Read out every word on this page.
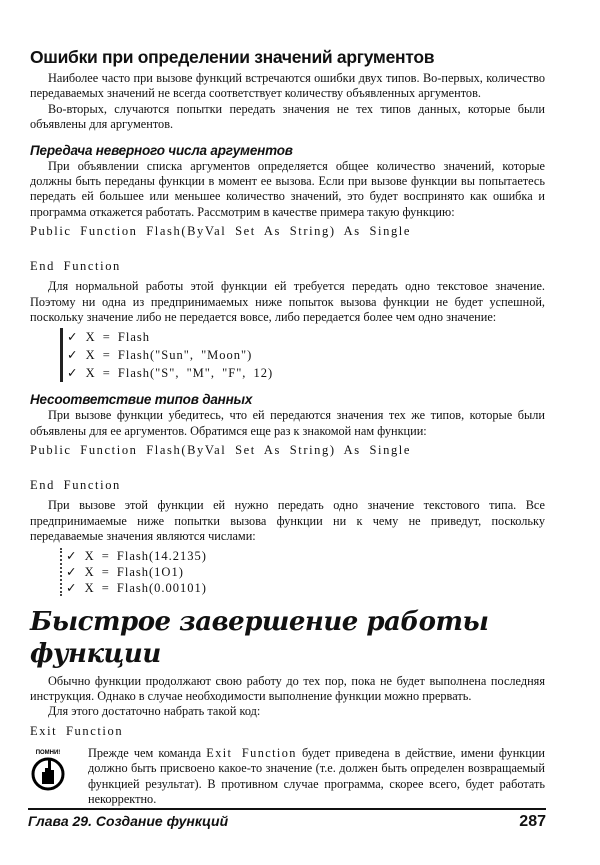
Ошибки при определении значений аргументов
Наиболее часто при вызове функций встречаются ошибки двух типов. Во-первых, количество передаваемых значений не всегда соответствует количеству объявленных аргументов.
Во-вторых, случаются попытки передать значения не тех типов данных, которые были объявлены для аргументов.
Передача неверного числа аргументов
При объявлении списка аргументов определяется общее количество значений, которые должны быть переданы функции в момент ее вызова. Если при вызове функции вы попытаетесь передать ей большее или меньшее количество значений, это будет воспринято как ошибка и программа откажется работать. Рассмотрим в качестве примера такую функцию:
Public Function Flash(ByVal Set As String) As Single
End Function
Для нормальной работы этой функции ей требуется передать одно текстовое значение. Поэтому ни одна из предпринимаемых ниже попыток вызова функции не будет успешной, поскольку значение либо не передается вовсе, либо передается более чем одно значение:
✓ X = Flash
✓ X = Flash("Sun", "Moon")
✓ X = Flash("S", "M", "F", 12)
Несоответствие типов данных
При вызове функции убедитесь, что ей передаются значения тех же типов, которые были объявлены для ее аргументов. Обратимся еще раз к знакомой нам функции:
Public Function Flash(ByVal Set As String) As Single
End Function
При вызове этой функции ей нужно передать одно значение текстового типа. Все предпринимаемые ниже попытки вызова функции ни к чему не приведут, поскольку передаваемые значения являются числами:
✓ X = Flash(14.2135)
✓ X = Flash(1O1)
✓ X = Flash(0.00101)
Быстрое завершение работы функции
Обычно функции продолжают свою работу до тех пор, пока не будет выполнена последняя инструкция. Однако в случае необходимости выполнение функции можно прервать.
Для этого достаточно набрать такой код:
Exit Function
ПОМНИ! Прежде чем команда Exit Function будет приведена в действие, имени функции должно быть присвоено какое-то значение (т.е. должен быть определен возвращаемый функцией результат). В противном случае программа, скорее всего, будет работать некорректно.
Глава 29. Создание функций	287
